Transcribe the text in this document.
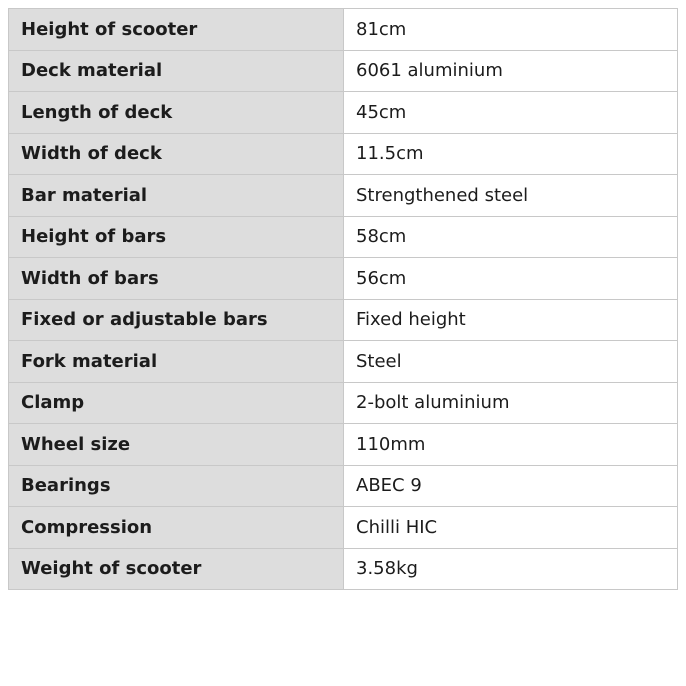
Height of scooter	81cm
Deck material	6061 aluminium
Length of deck	45cm
Width of deck	11.5cm
Bar material	Strengthened steel
Height of bars	58cm
Width of bars	56cm
Fixed or adjustable bars	Fixed height
Fork material	Steel
Clamp	2-bolt aluminium
Wheel size	110mm
Bearings	ABEC 9
Compression	Chilli HIC
Weight of scooter	3.58kg
